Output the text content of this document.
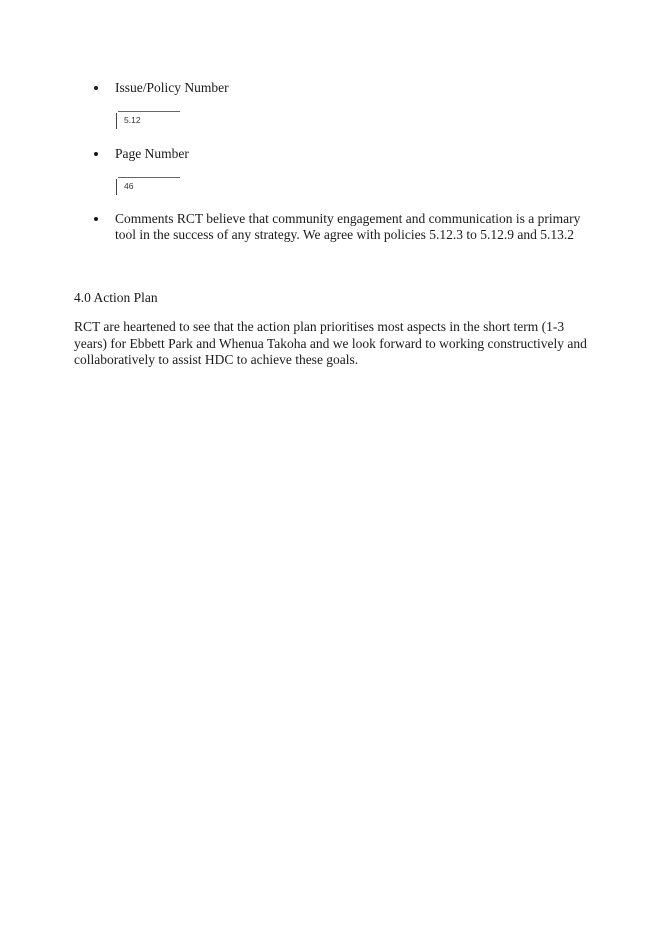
Issue/Policy Number
5.12
Page Number
46
Comments RCT believe that community engagement and communication is a primary tool in the success of any strategy. We agree with policies 5.12.3 to 5.12.9 and 5.13.2
4.0 Action Plan
RCT are heartened to see that the action plan prioritises most aspects in the short term (1-3 years) for Ebbett Park and Whenua Takoha and we look forward to working constructively and collaboratively to assist HDC to achieve these goals.
